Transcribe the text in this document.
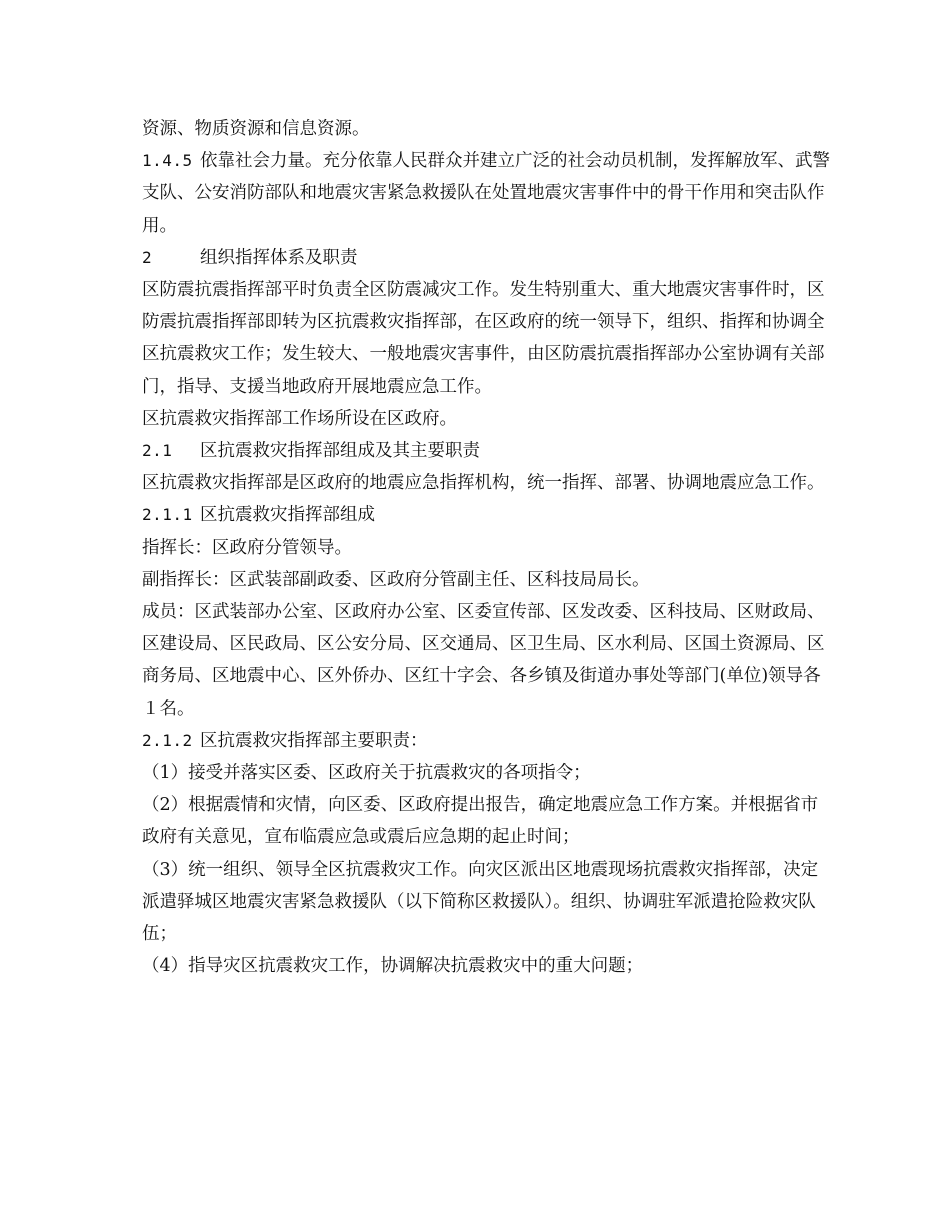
资源、物质资源和信息资源。

1.4.5 依靠社会力量。充分依靠人民群众并建立广泛的社会动员机制，发挥解放军、武警支队、公安消防部队和地震灾害紧急救援队在处置地震灾害事件中的骨干作用和突击队作用。

2	组织指挥体系及职责

区防震抗震指挥部平时负责全区防震减灾工作。发生特别重大、重大地震灾害事件时，区防震抗震指挥部即转为区抗震救灾指挥部，在区政府的统一领导下，组织、指挥和协调全区抗震救灾工作；发生较大、一般地震灾害事件，由区防震抗震指挥部办公室协调有关部门，指导、支援当地政府开展地震应急工作。

区抗震救灾指挥部工作场所设在区政府。

2.1 区抗震救灾指挥部组成及其主要职责

区抗震救灾指挥部是区政府的地震应急指挥机构，统一指挥、部署、协调地震应急工作。

2.1.1 区抗震救灾指挥部组成

指挥长：区政府分管领导。

副指挥长：区武装部副政委、区政府分管副主任、区科技局局长。

成员：区武装部办公室、区政府办公室、区委宣传部、区发改委、区科技局、区财政局、区建设局、区民政局、区公安分局、区交通局、区卫生局、区水利局、区国土资源局、区商务局、区地震中心、区外侨办、区红十字会、各乡镇及街道办事处等部门(单位)领导各１名。

2.1.2 区抗震救灾指挥部主要职责：

（1）接受并落实区委、区政府关于抗震救灾的各项指令；

（2）根据震情和灾情，向区委、区政府提出报告，确定地震应急工作方案。并根据省市政府有关意见，宣布临震应急或震后应急期的起止时间；

（3）统一组织、领导全区抗震救灾工作。向灾区派出区地震现场抗震救灾指挥部，决定派遣驿城区地震灾害紧急救援队（以下简称区救援队）。组织、协调驻军派遣抢险救灾队伍；

（4）指导灾区抗震救灾工作，协调解决抗震救灾中的重大问题；
